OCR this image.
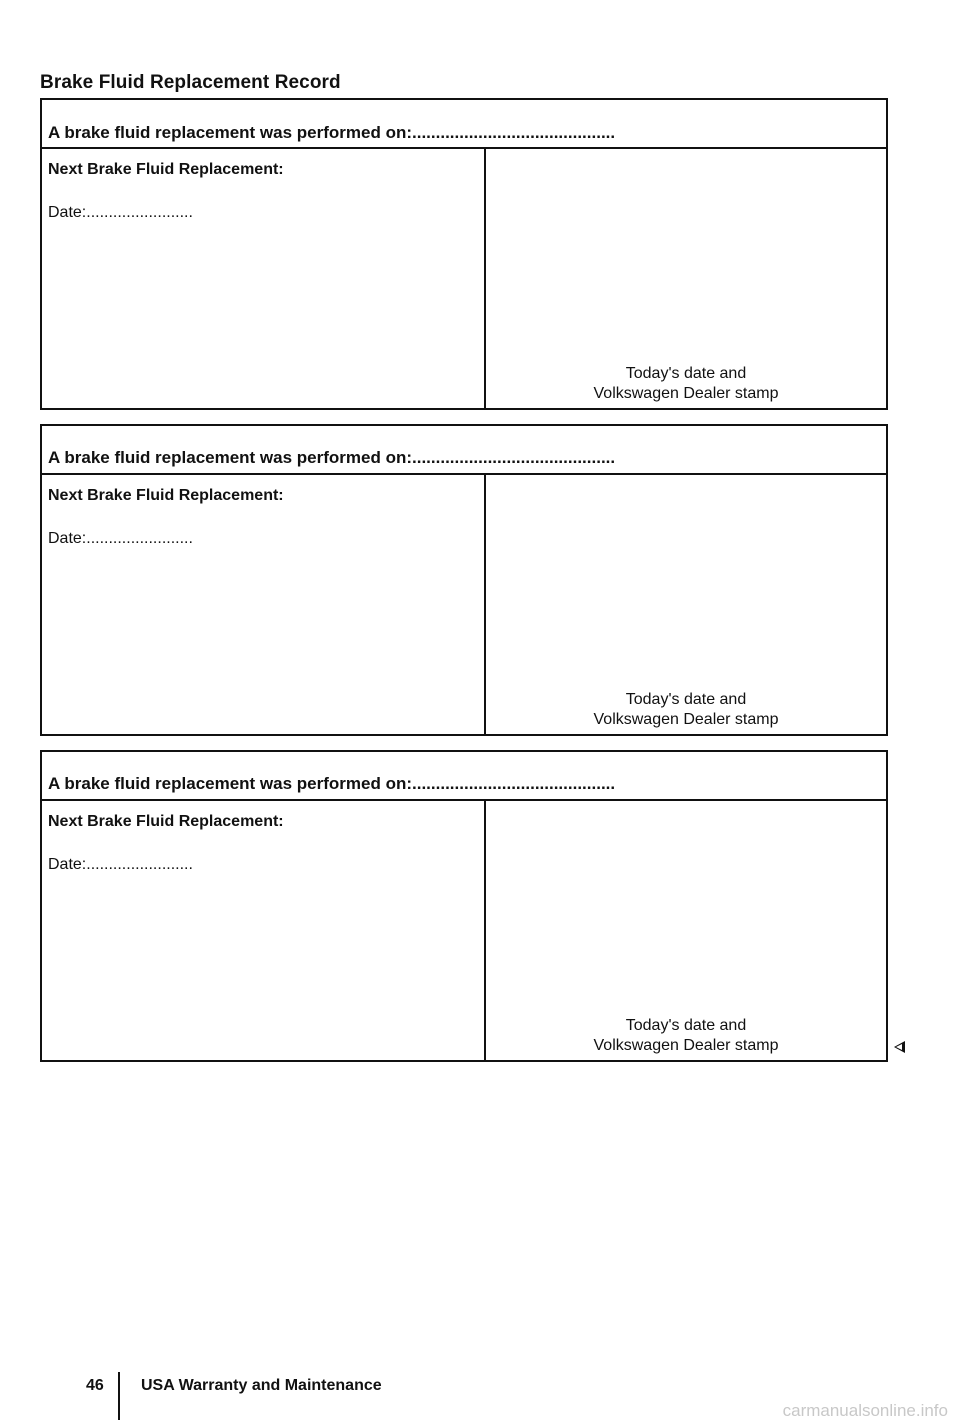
Brake Fluid Replacement Record
A brake fluid replacement was performed on:...........................................
Next Brake Fluid Replacement:
Date:........................
Today's date and
Volkswagen Dealer stamp
A brake fluid replacement was performed on:...........................................
Next Brake Fluid Replacement:
Date:........................
Today's date and
Volkswagen Dealer stamp
A brake fluid replacement was performed on:...........................................
Next Brake Fluid Replacement:
Date:........................
Today's date and
Volkswagen Dealer stamp
46 USA Warranty and Maintenance
carmanualsonline.info
